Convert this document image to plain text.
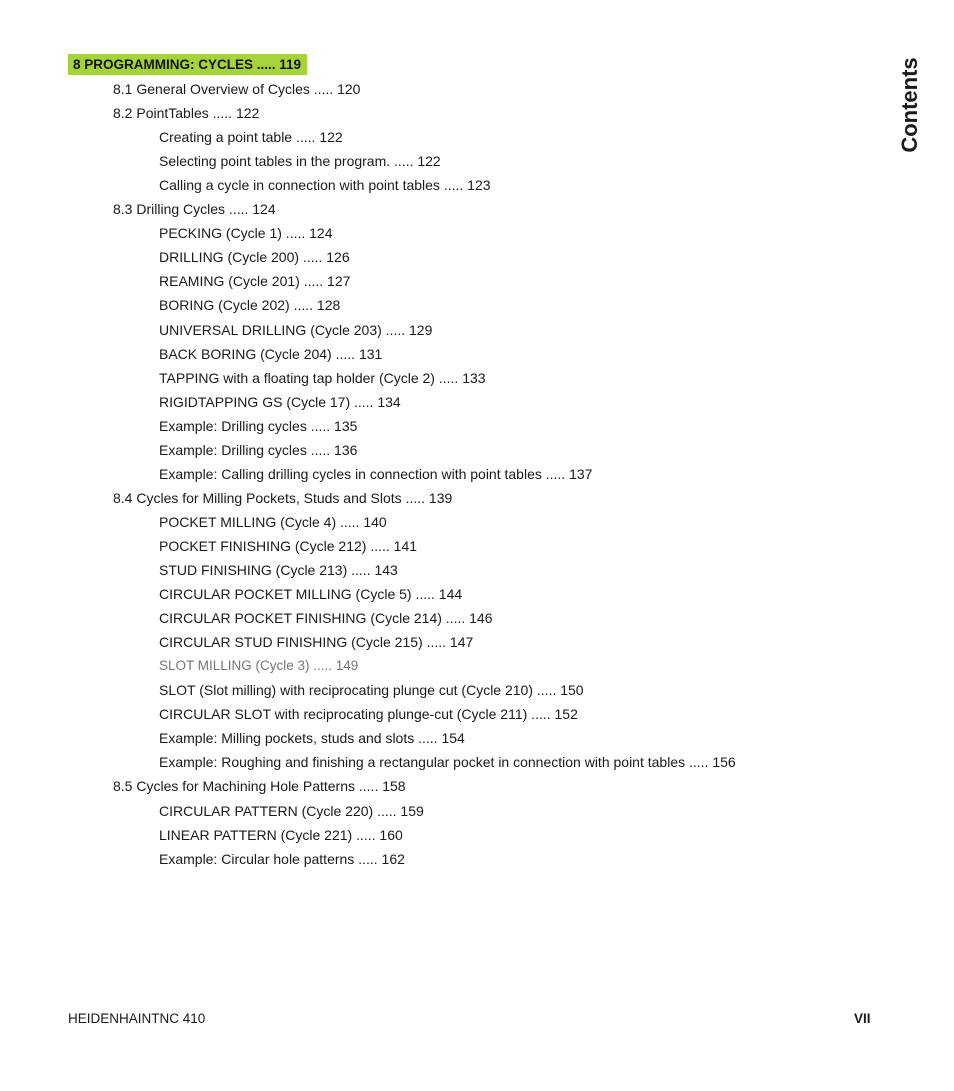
8 PROGRAMMING: CYCLES ..... 119
8.1 General Overview of Cycles ..... 120
8.2 PointTables ..... 122
Creating a point table ..... 122
Selecting point tables in the program. ..... 122
Calling a cycle in connection with point tables ..... 123
8.3 Drilling Cycles ..... 124
PECKING (Cycle 1) ..... 124
DRILLING (Cycle 200) ..... 126
REAMING (Cycle 201) ..... 127
BORING (Cycle 202) ..... 128
UNIVERSAL DRILLING (Cycle 203) ..... 129
BACK BORING (Cycle 204) ..... 131
TAPPING with a floating tap holder (Cycle 2) ..... 133
RIGIDTAPPING GS (Cycle 17) ..... 134
Example: Drilling cycles ..... 135
Example: Drilling cycles ..... 136
Example: Calling drilling cycles in connection with point tables ..... 137
8.4 Cycles for Milling Pockets, Studs and Slots ..... 139
POCKET MILLING (Cycle 4) ..... 140
POCKET FINISHING (Cycle 212) ..... 141
STUD FINISHING (Cycle 213) ..... 143
CIRCULAR POCKET MILLING (Cycle 5) ..... 144
CIRCULAR POCKET FINISHING (Cycle 214) ..... 146
CIRCULAR STUD FINISHING (Cycle 215) ..... 147
SLOT MILLING (Cycle 3) ..... 149
SLOT (Slot milling) with reciprocating plunge cut (Cycle 210) ..... 150
CIRCULAR SLOT with reciprocating plunge-cut (Cycle 211) ..... 152
Example: Milling pockets, studs and slots ..... 154
Example: Roughing and finishing a rectangular pocket in connection with point tables ..... 156
8.5 Cycles for Machining Hole Patterns ..... 158
CIRCULAR PATTERN (Cycle 220) ..... 159
LINEAR PATTERN (Cycle 221) ..... 160
Example: Circular hole patterns ..... 162
Contents
HEIDENHAINTNC 410	VII
